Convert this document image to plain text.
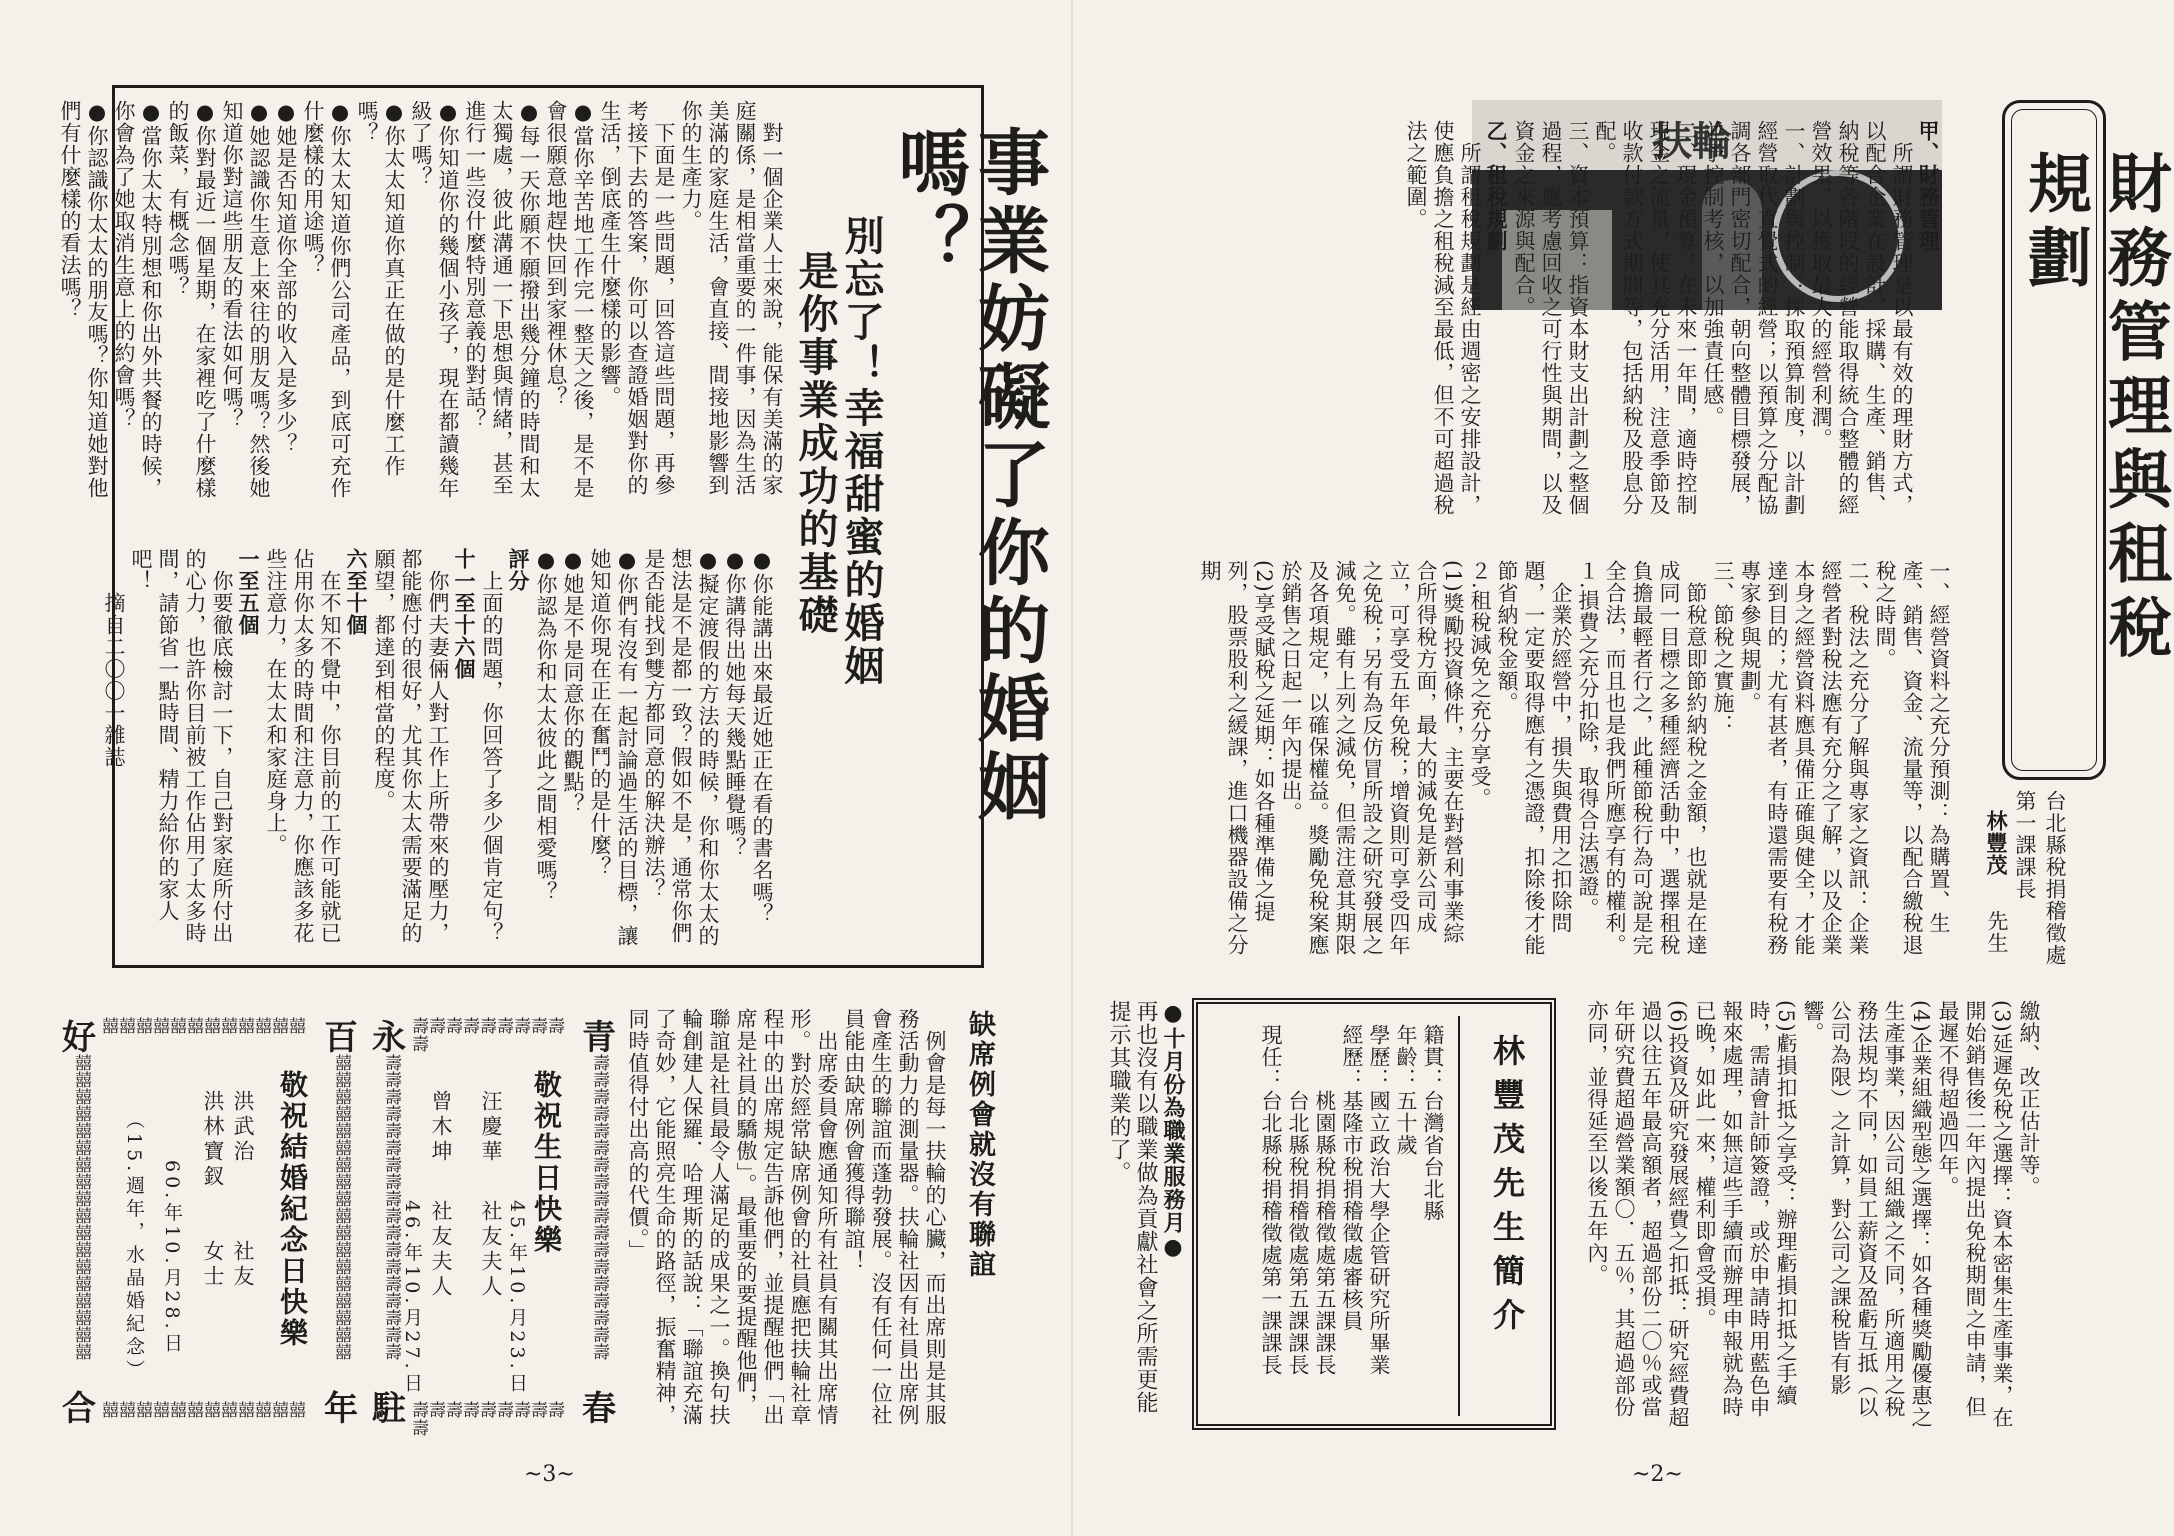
事業妨礙了你的婚姻嗎？
別忘了！幸福甜蜜的婚姻
是你事業成功的基礎

　對一個企業人士來說，能保有美滿的家庭關係，是相當重要的一件事，因為生活美滿的家庭生活，會直接、間接地影響到你的生產力。

　下面是一些問題，回答這些問題，再參考接下去的答案，你可以查證婚姻對你的生活，倒底產生什麼樣的影響。

●當你辛苦地工作完一整天之後，是不是會很願意地趕快回到家裡休息？

●每一天你願不願撥出幾分鐘的時間和太太獨處，彼此溝通一下思想與情緒，甚至進行一些沒什麼特別意義的對話？

●你知道你的幾個小孩子，現在都讀幾年級了嗎？

●你太太知道你真正在做的是什麼工作嗎？

●你太太知道你們公司產品，到底可充作什麼樣的用途嗎？

●她是否知道你全部的收入是多少？

●她認識你生意上來往的朋友嗎？然後她知道你對這些朋友的看法如何嗎？

●你對最近一個星期，在家裡吃了什麼樣的飯菜，有概念嗎？

●當你太太特別想和你出外共餐的時候，你會為了她取消生意上的約會嗎？

●你認識你太太的朋友嗎？你知道她對他們有什麼樣的看法嗎？

●你能講出來最近她正在看的書名嗎？

●你講得出她每天幾點睡覺嗎？

●擬定渡假的方法的時候，你和你太太的想法是不是都一致？假如不是，通常你們是否能找到雙方都同意的解決辦法？

●你們有沒有一起討論過生活的目標，讓她知道你現在正在奮鬥的是什麼？

●她是不是同意你的觀點？

●你認為你和太太彼此之間相愛嗎？

評分

　上面的問題，你回答了多少個肯定句？

十一至十六個

　你們夫妻倆人對工作上所帶來的壓力，都能應付的很好，尤其你太太需要滿足的願望，都達到相當的程度。

六至十個

　在不知不覺中，你目前的工作可能就已佔用你太多的時間和注意力，你應該多花些注意力，在太太和家庭身上。

一至五個

　你要徹底檢討一下，自己對家庭所付出的心力，也許你目前被工作佔用了太多時間，請節省一點時間、精力給你的家人吧！

——摘自二〇〇一雜誌——

缺席例會就沒有聯誼

　例會是每一扶輪的心臟，而出席則是其服務活動力的測量器。扶輪社因有社員出席例會產生的聯誼而蓬勃發展。沒有任何一位社員能由缺席例會獲得聯誼！

　出席委員會應通知所有社員有關其出席情形。對於經常缺席例會的社員應把扶輪社章程中的出席規定告訴他們，並提醒他們「出席是社員的驕傲」。最重要的要提醒他們，聯誼是社員最令人滿足的成果之一。換句扶輪創建人保羅．哈理斯的話說：「聯誼充滿了奇妙，它能照亮生命的路徑，振奮精神，同時值得付出高的代價。」

青
春
永
駐
壽壽壽壽壽壽壽壽壽壽
壽壽壽壽壽壽壽壽壽壽
壽壽壽壽壽壽壽壽壽壽壽壽壽壽壽壽壽壽	壽壽壽壽壽壽壽壽壽壽壽壽壽壽壽壽壽壽
敬祝生日快樂
汪慶華
社友夫人 45.年10.月23.日
曾木坤
社友夫人
46.年10.月27.日
百
年
好
合
囍囍囍囍囍囍囍囍囍囍囍囍
囍囍囍囍囍囍囍囍囍囍囍囍
囍囍囍囍囍囍囍囍囍囍囍囍囍囍囍囍囍囍	囍囍囍囍囍囍囍囍囍囍囍囍囍囍囍囍囍囍
敬祝結婚紀念日快樂
洪武治
社友
洪林寶釵
女士
60.年10.月28.日
（15.週年，水晶婚紀念）
~3~
財務管理與租稅規劃
台北縣稅捐稽徵處
第一課課長
林豐茂
先生
扶輪	甲、財務管理

　所謂財務管理是以最有效的理財方式，以配合企業在設計、採購、生產、銷售、納稅等各階段的經營能取得統合整體的經營效果，以獲取最大的經營利潤。

一、計劃與控制：採取預算制度，以計劃經營取代直覺式的經營；以預算之分配協調各部門密切配合，朝向整體目標發展，並予控制考核，以加強責任感。

二、現金預算：在未來一年間，適時控制現金之流量，使其充分活用，注意季節及收款付款方式期間等，包括納稅及股息分配。

三、資本預算：指資本財支出計劃之整個過程，應考慮回收之可行性與期間，以及資金之來源與配合。

乙、租稅規劃

　所謂租稅規劃是經由週密之安排設計，使應負擔之租稅減至最低，但不可超過稅法之範圍。

一、經營資料之充分預測：為購置、生產、銷售、資金、流量等，以配合繳稅退稅之時間。

二、稅法之充分了解與專家之資訊：企業經營者對稅法應有充分之了解，以及企業本身之經營資料應具備正確與健全，才能達到目的；尤有甚者，有時還需要有稅務專家參與規劃。

三、節稅之實施：

　節稅意即節約納稅之金額，也就是在達成同一目標之多種經濟活動中，選擇租稅負擔最輕者行之，此種節稅行為可說是完全合法，而且也是我們所應享有的權利。

１.損費之充分扣除，取得合法憑證。

　企業於經營中，損失與費用之扣除問題，一定要取得應有之憑證，扣除後才能節省納稅金額。

２.租稅減免之充分享受。

(1)獎勵投資條件，主要在對營利事業綜合所得稅方面，最大的減免是新公司成立，可享受五年免稅；增資則可享受四年之免稅；另有為反仿冒所設之研究發展之減免。雖有上列之減免，但需注意其期限及各項規定，以確保權益。獎勵免稅案應於銷售之日起一年內提出。

(2)享受賦稅之延期：如各種準備之提列，股票股利之緩課，進口機器設備之分期

繳納、改正估計等。

(3)延遲免稅之選擇：資本密集生產事業，在開始銷售後二年內提出免稅期間之申請，但最遲不得超過四年。

(4)企業組織型態之選擇：如各種獎勵優惠之生產事業，因公司組織之不同，所適用之稅務法規均不同，如員工薪資及盈虧互抵（以公司為限）之計算，對公司之課稅皆有影響。

(5)虧損扣抵之享受：辦理虧損扣抵之手續時，需請會計師簽證，或於申請時用藍色申報來處理，如無這些手續而辦理申報就為時已晚，如此一來，權利即會受損。

(6)投資及研究發展經費之扣抵：研究經費超過以往五年最高額者，超過部份二〇％或當年研究費超過營業額〇．五％，其超過部份亦同，並得延至以後五年內。

林豐茂先生簡介

籍貫：台灣省台北縣

年齡：五十歲

學歷：國立政治大學企管研究所畢業

經歷：基隆市稅捐稽徵處審核員

　　　桃園縣稅捐稽徵處第五課課長

　　　台北縣稅捐稽徵處第五課課長

現任：台北縣稅捐稽徵處第一課課長

●十月份為職業服務月●

再也沒有以職業做為貢獻社會之所需更能提示其職業的了。

~2~
